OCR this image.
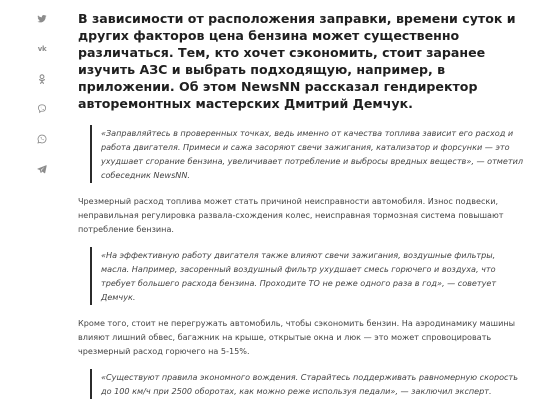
vk

В зависимости от расположения заправки, времени суток и других факторов цена бензина может существенно различаться. Тем, кто хочет сэкономить, стоит заранее изучить АЗС и выбрать подходящую, например, в приложении. Об этом NewsNN рассказал гендиректор авторемонтных мастерских Дмитрий Демчук.

«Заправляйтесь в проверенных точках, ведь именно от качества топлива зависит его расход и работа двигателя. Примеси и сажа засоряют свечи зажигания, катализатор и форсунки — это ухудшает сгорание бензина, увеличивает потребление и выбросы вредных веществ», — отметил собеседник NewsNN.

Чрезмерный расход топлива может стать причиной неисправности автомобиля. Износ подвески, неправильная регулировка развала-схождения колес, неисправная тормозная система повышают потребление бензина.

«На эффективную работу двигателя также влияют свечи зажигания, воздушные фильтры, масла. Например, засоренный воздушный фильтр ухудшает смесь горючего и воздуха, что требует большего расхода бензина. Проходите ТО не реже одного раза в год», — советует Демчук.

Кроме того, стоит не перегружать автомобиль, чтобы сэкономить бензин. На аэродинамику машины влияют лишний обвес, багажник на крыше, открытые окна и люк — это может спровоцировать чрезмерный расход горючего на 5-15%.

«Существуют правила экономного вождения. Старайтесь поддерживать равномерную скорость до 100 км/ч при 2500 оборотах, как можно реже используя педали», — заключил эксперт.
